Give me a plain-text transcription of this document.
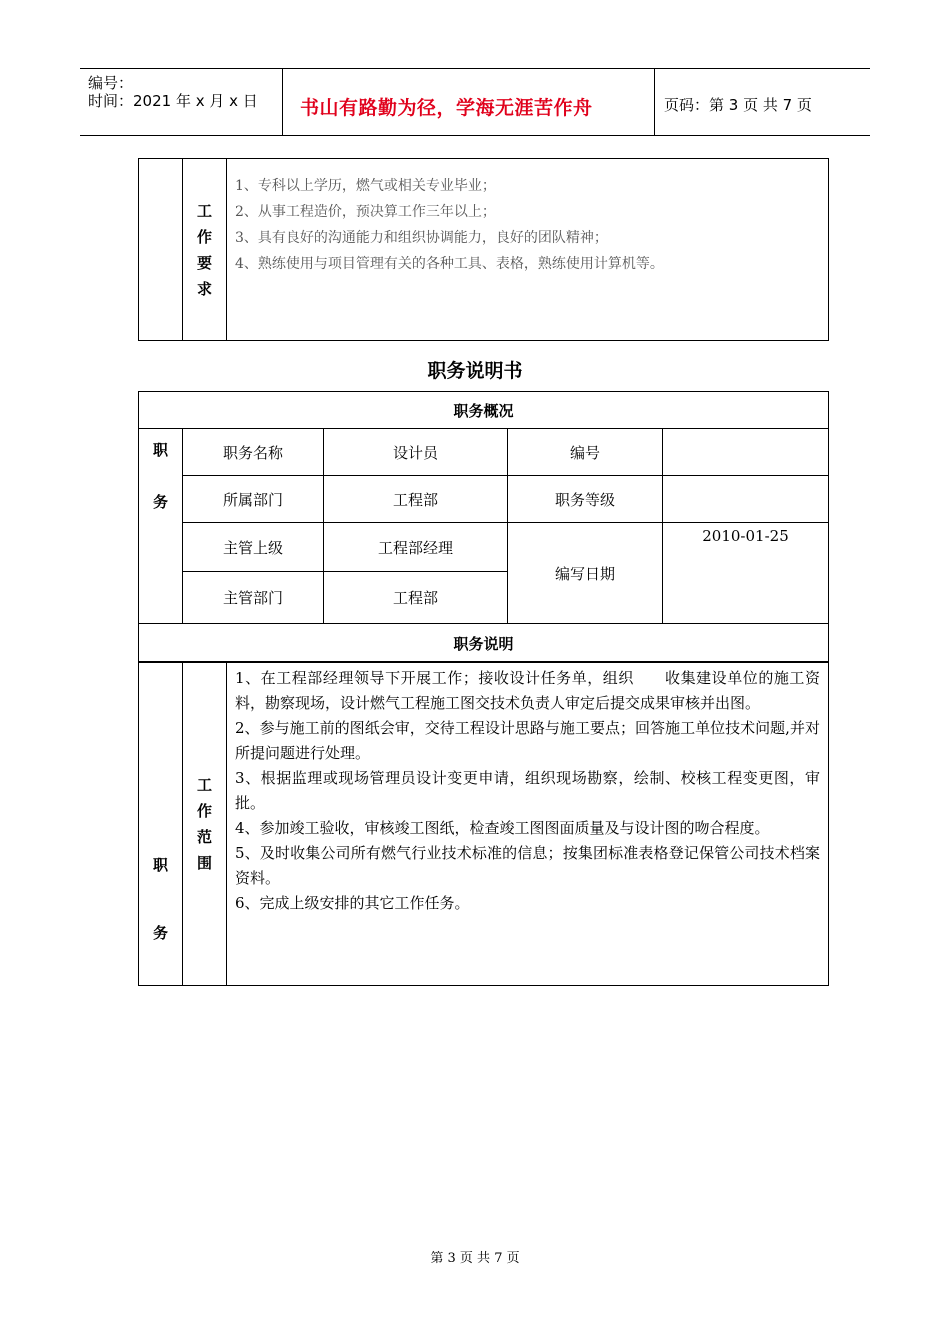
编号：
时间：2021 年 x 月 x 日 书山有路勤为径，学海无涯苦作舟	页码：第 3 页 共 7 页

工
作
要
求

1、专科以上学历，燃气或相关专业毕业；
2、从事工程造价，预决算工作三年以上；
3、具有良好的沟通能力和组织协调能力，良好的团队精神；
4、熟练使用与项目管理有关的各种工具、表格，熟练使用计算机等。
职务说明书
职务概况				

职
务	职务名称	设计员	编号	
	所属部门	工程部	职务等级	
	主管上级	工程部经理	编写日期	2010-01-25
	主管部门	工程部		
职务说明				
职
务

工
作
范
围

1、在工程部经理领导下开展工作；接收设计任务单，组织　　收集建设单位的施工资料，勘察现场，设计燃气工程施工图交技术负责人审定后提交成果审核并出图。

2、参与施工前的图纸会审，交待工程设计思路与施工要点；回答施工单位技术问题,并对所提问题进行处理。

3、根据监理或现场管理员设计变更申请，组织现场勘察，绘制、校核工程变更图，审批。

4、参加竣工验收，审核竣工图纸，检查竣工图图面质量及与设计图的吻合程度。

5、及时收集公司所有燃气行业技术标准的信息；按集团标准表格登记保管公司技术档案资料。

6、完成上级安排的其它工作任务。

第 3 页 共 7 页
